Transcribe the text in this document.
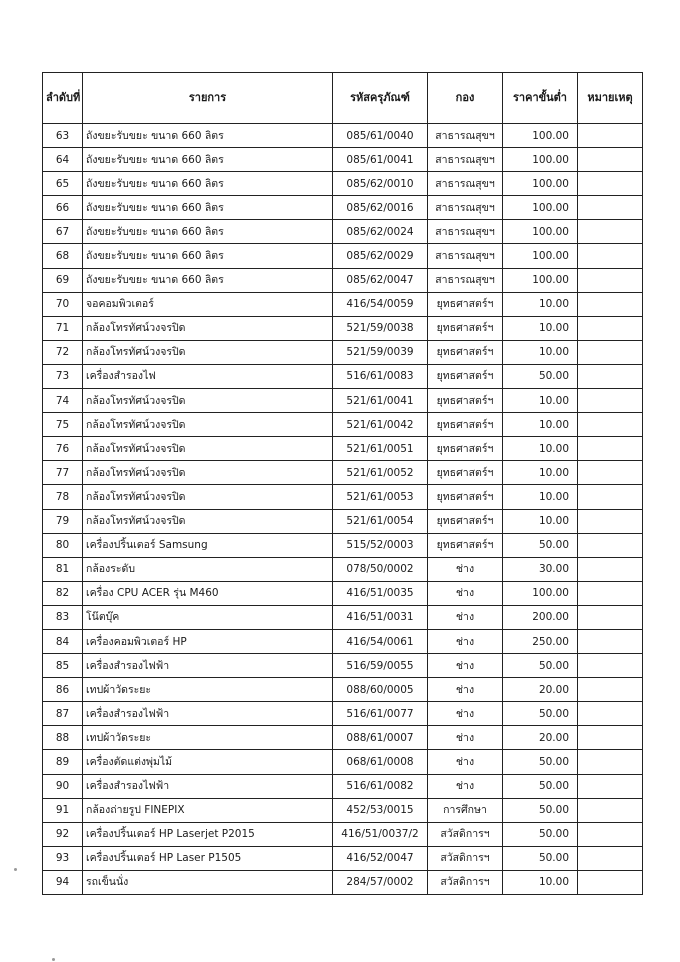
ลำดับที่	รายการ	รหัสครุภัณฑ์	กอง	ราคาขั้นต่ำ	หมายเหตุ
63	ถังขยะรับขยะ ขนาด 660 ลิตร	085/61/0040	สาธารณสุขฯ	100.00	
64	ถังขยะรับขยะ ขนาด 660 ลิตร	085/61/0041	สาธารณสุขฯ	100.00	
65	ถังขยะรับขยะ ขนาด 660 ลิตร	085/62/0010	สาธารณสุขฯ	100.00	
66	ถังขยะรับขยะ ขนาด 660 ลิตร	085/62/0016	สาธารณสุขฯ	100.00	
67	ถังขยะรับขยะ ขนาด 660 ลิตร	085/62/0024	สาธารณสุขฯ	100.00	
68	ถังขยะรับขยะ ขนาด 660 ลิตร	085/62/0029	สาธารณสุขฯ	100.00	
69	ถังขยะรับขยะ ขนาด 660 ลิตร	085/62/0047	สาธารณสุขฯ	100.00	
70	จอคอมพิวเตอร์	416/54/0059	ยุทธศาสตร์ฯ	10.00	
71	กล้องโทรทัศน์วงจรปิด	521/59/0038	ยุทธศาสตร์ฯ	10.00	
72	กล้องโทรทัศน์วงจรปิด	521/59/0039	ยุทธศาสตร์ฯ	10.00	
73	เครื่องสำรองไฟ	516/61/0083	ยุทธศาสตร์ฯ	50.00	
74	กล้องโทรทัศน์วงจรปิด	521/61/0041	ยุทธศาสตร์ฯ	10.00	
75	กล้องโทรทัศน์วงจรปิด	521/61/0042	ยุทธศาสตร์ฯ	10.00	
76	กล้องโทรทัศน์วงจรปิด	521/61/0051	ยุทธศาสตร์ฯ	10.00	
77	กล้องโทรทัศน์วงจรปิด	521/61/0052	ยุทธศาสตร์ฯ	10.00	
78	กล้องโทรทัศน์วงจรปิด	521/61/0053	ยุทธศาสตร์ฯ	10.00	
79	กล้องโทรทัศน์วงจรปิด	521/61/0054	ยุทธศาสตร์ฯ	10.00	
80	เครื่องปริ้นเตอร์ Samsung	515/52/0003	ยุทธศาสตร์ฯ	50.00	
81	กล้องระดับ	078/50/0002	ช่าง	30.00	
82	เครื่อง CPU ACER รุ่น M460	416/51/0035	ช่าง	100.00	
83	โน๊ตบุ๊ค	416/51/0031	ช่าง	200.00	
84	เครื่องคอมพิวเตอร์ HP	416/54/0061	ช่าง	250.00	
85	เครื่องสำรองไฟฟ้า	516/59/0055	ช่าง	50.00	
86	เทปผ้าวัดระยะ	088/60/0005	ช่าง	20.00	
87	เครื่องสำรองไฟฟ้า	516/61/0077	ช่าง	50.00	
88	เทปผ้าวัดระยะ	088/61/0007	ช่าง	20.00	
89	เครื่องตัดแต่งพุ่มไม้	068/61/0008	ช่าง	50.00	
90	เครื่องสำรองไฟฟ้า	516/61/0082	ช่าง	50.00	
91	กล้องถ่ายรูป FINEPIX	452/53/0015	การศึกษา	50.00	
92	เครื่องปริ้นเตอร์ HP Laserjet P2015	416/51/0037/2	สวัสดิการฯ	50.00	
93	เครื่องปริ้นเตอร์ HP Laser P1505	416/52/0047	สวัสดิการฯ	50.00	
94	รถเข็นนั่ง	284/57/0002	สวัสดิการฯ	10.00	
